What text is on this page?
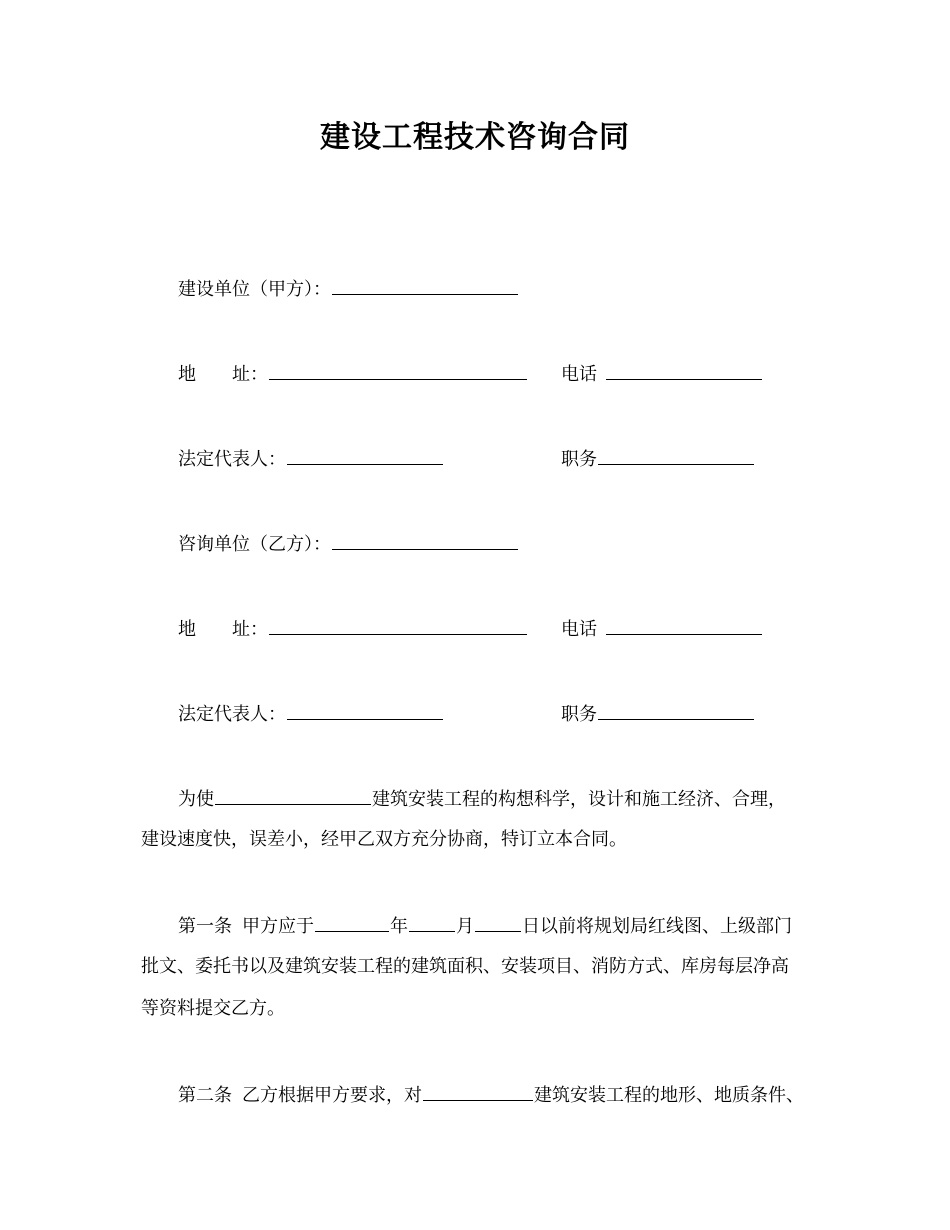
建设工程技术咨询合同
建设单位（甲方）：
地 址：	电话
法定代表人：	职务
咨询单位（乙方）：
地 址：	电话
法定代表人：	职务
为使	建筑安装工程的构想科学，设计和施工经济、合理，
建设速度快，误差小，经甲乙双方充分协商，特订立本合同。
第一条 甲方应于	年	月	日以前将规划局红线图、上级部门
批文、委托书以及建筑安装工程的建筑面积、安装项目、消防方式、库房每层净高
等资料提交乙方。
第二条 乙方根据甲方要求，对	建筑安装工程的地形、地质条件、
